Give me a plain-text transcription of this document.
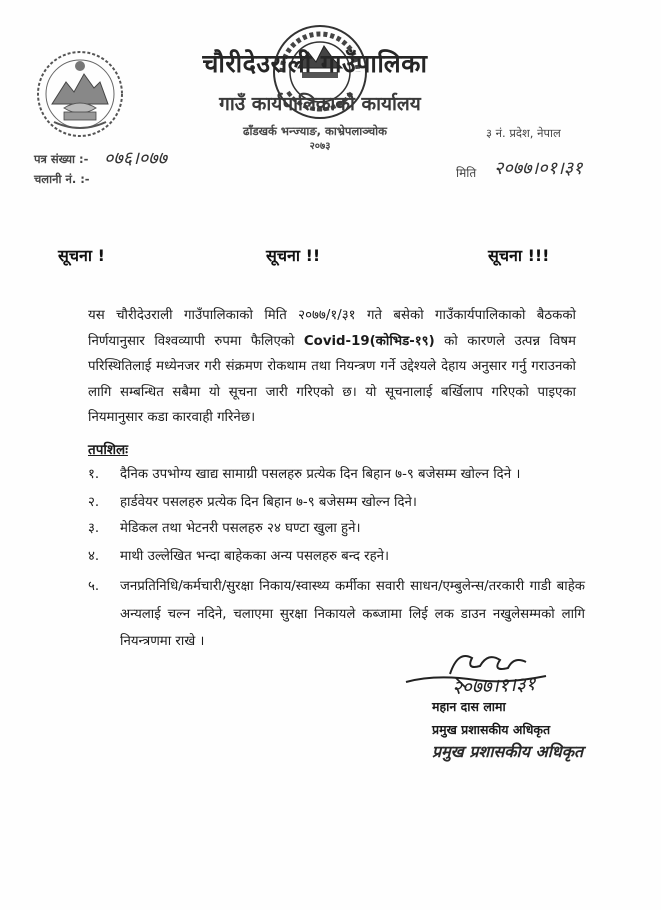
चौरीदेउराली गाउँपालिका
गाउँ कार्यपालिकाको कार्यालय
ढाँडखर्क भन्ज्याङ, काभ्रेपलाञ्चोक
२०७३
३ नं. प्रदेश, नेपाल
पत्र संख्या :- ०७६।०७७
चलानी नं. :-	मिति २०७७।०१।३१
सूचना !	सूचना !!	सूचना !!!
यस चौरीदेउराली गाउँपालिकाको मिति २०७७/१/३१ गते बसेको गाउँकार्यपालिकाको बैठकको निर्णयानुसार विश्वव्यापी रुपमा फैलिएको Covid-19(कोभिड-१९) को कारणले उत्पन्न विषम परिस्थितिलाई मध्येनजर गरी संक्रमण रोकथाम तथा नियन्त्रण गर्ने उद्देश्यले देहाय अनुसार गर्नु गराउनको लागि सम्बन्धित सबैमा यो सूचना जारी गरिएको छ। यो सूचनालाई बर्खिलाप गरिएको पाइएका नियमानुसार कडा कारवाही गरिनेछ।
तपशिलः
१.	दैनिक उपभोग्य खाद्य सामाग्री पसलहरु प्रत्येक दिन बिहान ७-९ बजेसम्म खोल्न दिने ।
२.	हार्डवेयर पसलहरु प्रत्येक दिन बिहान ७-९ बजेसम्म खोल्न दिने।
३.	मेडिकल तथा भेटनरी पसलहरु २४ घण्टा खुला हुने।
४.	माथी उल्लेखित भन्दा बाहेकका अन्य पसलहरु बन्द रहने।
५.	जनप्रतिनिधि/कर्मचारी/सुरक्षा निकाय/स्वास्थ्य कर्मीका सवारी साधन/एम्बुलेन्स/तरकारी गाडी बाहेक अन्यलाई चल्न नदिने, चलाएमा सुरक्षा निकायले कब्जामा लिई लक डाउन नखुलेसम्मको लागि नियन्त्रणमा राखे ।
२०७७।१।३१
महान दास लामा
प्रमुख प्रशासकीय अधिकृत
प्रमुख प्रशासकीय अधिकृत
